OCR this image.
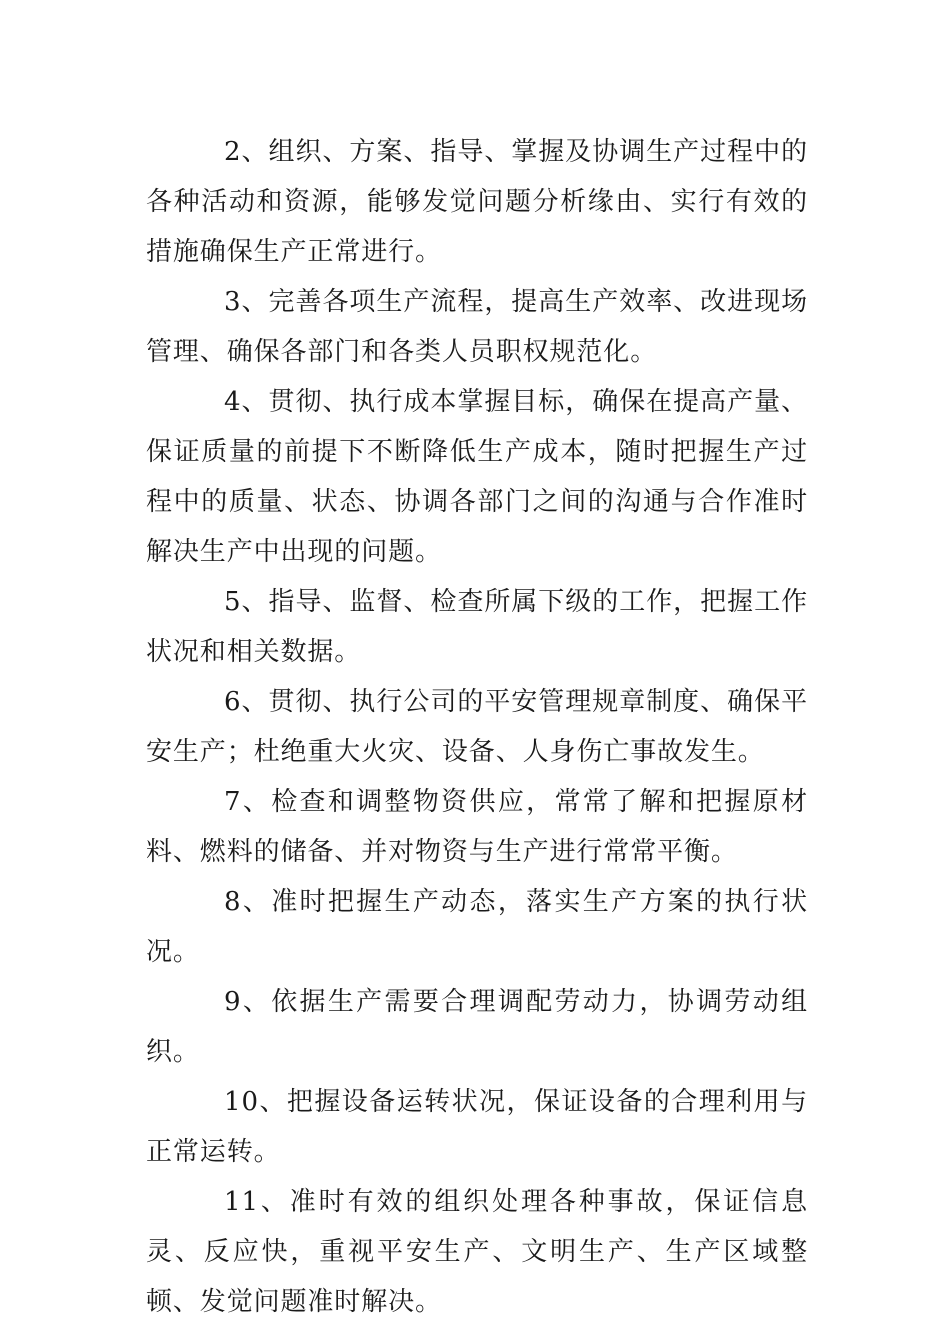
2、组织、方案、指导、掌握及协调生产过程中的各种活动和资源，能够发觉问题分析缘由、实行有效的措施确保生产正常进行。

3、完善各项生产流程，提高生产效率、改进现场管理、确保各部门和各类人员职权规范化。

4、贯彻、执行成本掌握目标，确保在提高产量、保证质量的前提下不断降低生产成本，随时把握生产过程中的质量、状态、协调各部门之间的沟通与合作准时解决生产中出现的问题。

5、指导、监督、检查所属下级的工作，把握工作状况和相关数据。

6、贯彻、执行公司的平安管理规章制度、确保平安生产；杜绝重大火灾、设备、人身伤亡事故发生。

7、检查和调整物资供应，常常了解和把握原材料、燃料的储备、并对物资与生产进行常常平衡。

8、准时把握生产动态，落实生产方案的执行状况。

9、依据生产需要合理调配劳动力，协调劳动组织。

10、把握设备运转状况，保证设备的合理利用与正常运转。

11、准时有效的组织处理各种事故，保证信息灵、反应快，重视平安生产、文明生产、生产区域整顿、发觉问题准时解决。
